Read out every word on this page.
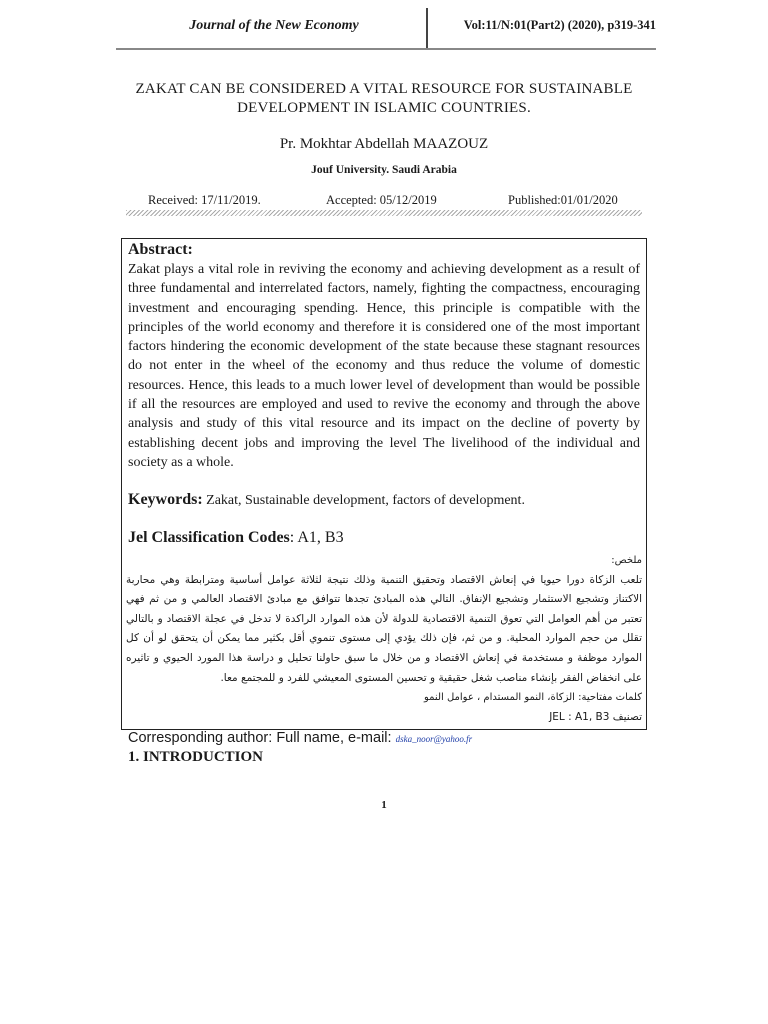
Journal of the New Economy	Vol:11/N:01(Part2) (2020), p319-341
ZAKAT CAN BE CONSIDERED A VITAL RESOURCE FOR SUSTAINABLE DEVELOPMENT IN ISLAMIC COUNTRIES.
Pr. Mokhtar Abdellah MAAZOUZ
Jouf University. Saudi Arabia
Received: 17/11/2019.	Accepted: 05/12/2019	Published:01/01/2020
Abstract:
Zakat plays a vital role in reviving the economy and achieving development as a result of three fundamental and interrelated factors, namely, fighting the compactness, encouraging investment and encouraging spending. Hence, this principle is compatible with the principles of the world economy and therefore it is considered one of the most important factors hindering the economic development of the state because these stagnant resources do not enter in the wheel of the economy and thus reduce the volume of domestic resources. Hence, this leads to a much lower level of development than would be possible if all the resources are employed and used to revive the economy and through the above analysis and study of this vital resource and its impact on the decline of poverty by establishing decent jobs and improving the level The livelihood of the individual and society as a whole.
Keywords: Zakat, Sustainable development, factors of development.
Jel Classification Codes: A1, B3
ملخص:
تلعب الزكاة دورا حيويا في إنعاش الاقتصاد وتحقيق التنمية وذلك نتيجة لثلاثة عوامل أساسية ومترابطة وهي محاربة الاكتناز وتشجيع الاستثمار وتشجيع الإنفاق. التالي هذه المبادئ تجدها تتوافق مع مبادئ الاقتصاد العالمي و من ثم فهي تعتبر من أهم العوامل التي تعوق التنمية الاقتصادية للدولة لأن هذه الموارد الراكدة لا تدخل في عجلة الاقتصاد و بالتالي تقلل من حجم الموارد المحلية. و من ثم، فإن ذلك يؤدي إلى مستوى تنموي أقل بكثير مما يمكن أن يتحقق لو أن كل الموارد موظفة و مستخدمة في إنعاش الاقتصاد و من خلال ما سبق حاولنا تحليل و دراسة هذا المورد الحيوي و تاثيره على انخفاض الفقر بإنشاء مناصب شغل حقيقية و تحسين المستوى المعيشي للفرد و للمجتمع معا.
كلمات مفتاحية: الزكاة، النمو المستدام ، عوامل النمو
تصنيف JEL : A1, B3
Corresponding author: Full name, e-mail: dska_noor@yahoo.fr
1. INTRODUCTION
1
